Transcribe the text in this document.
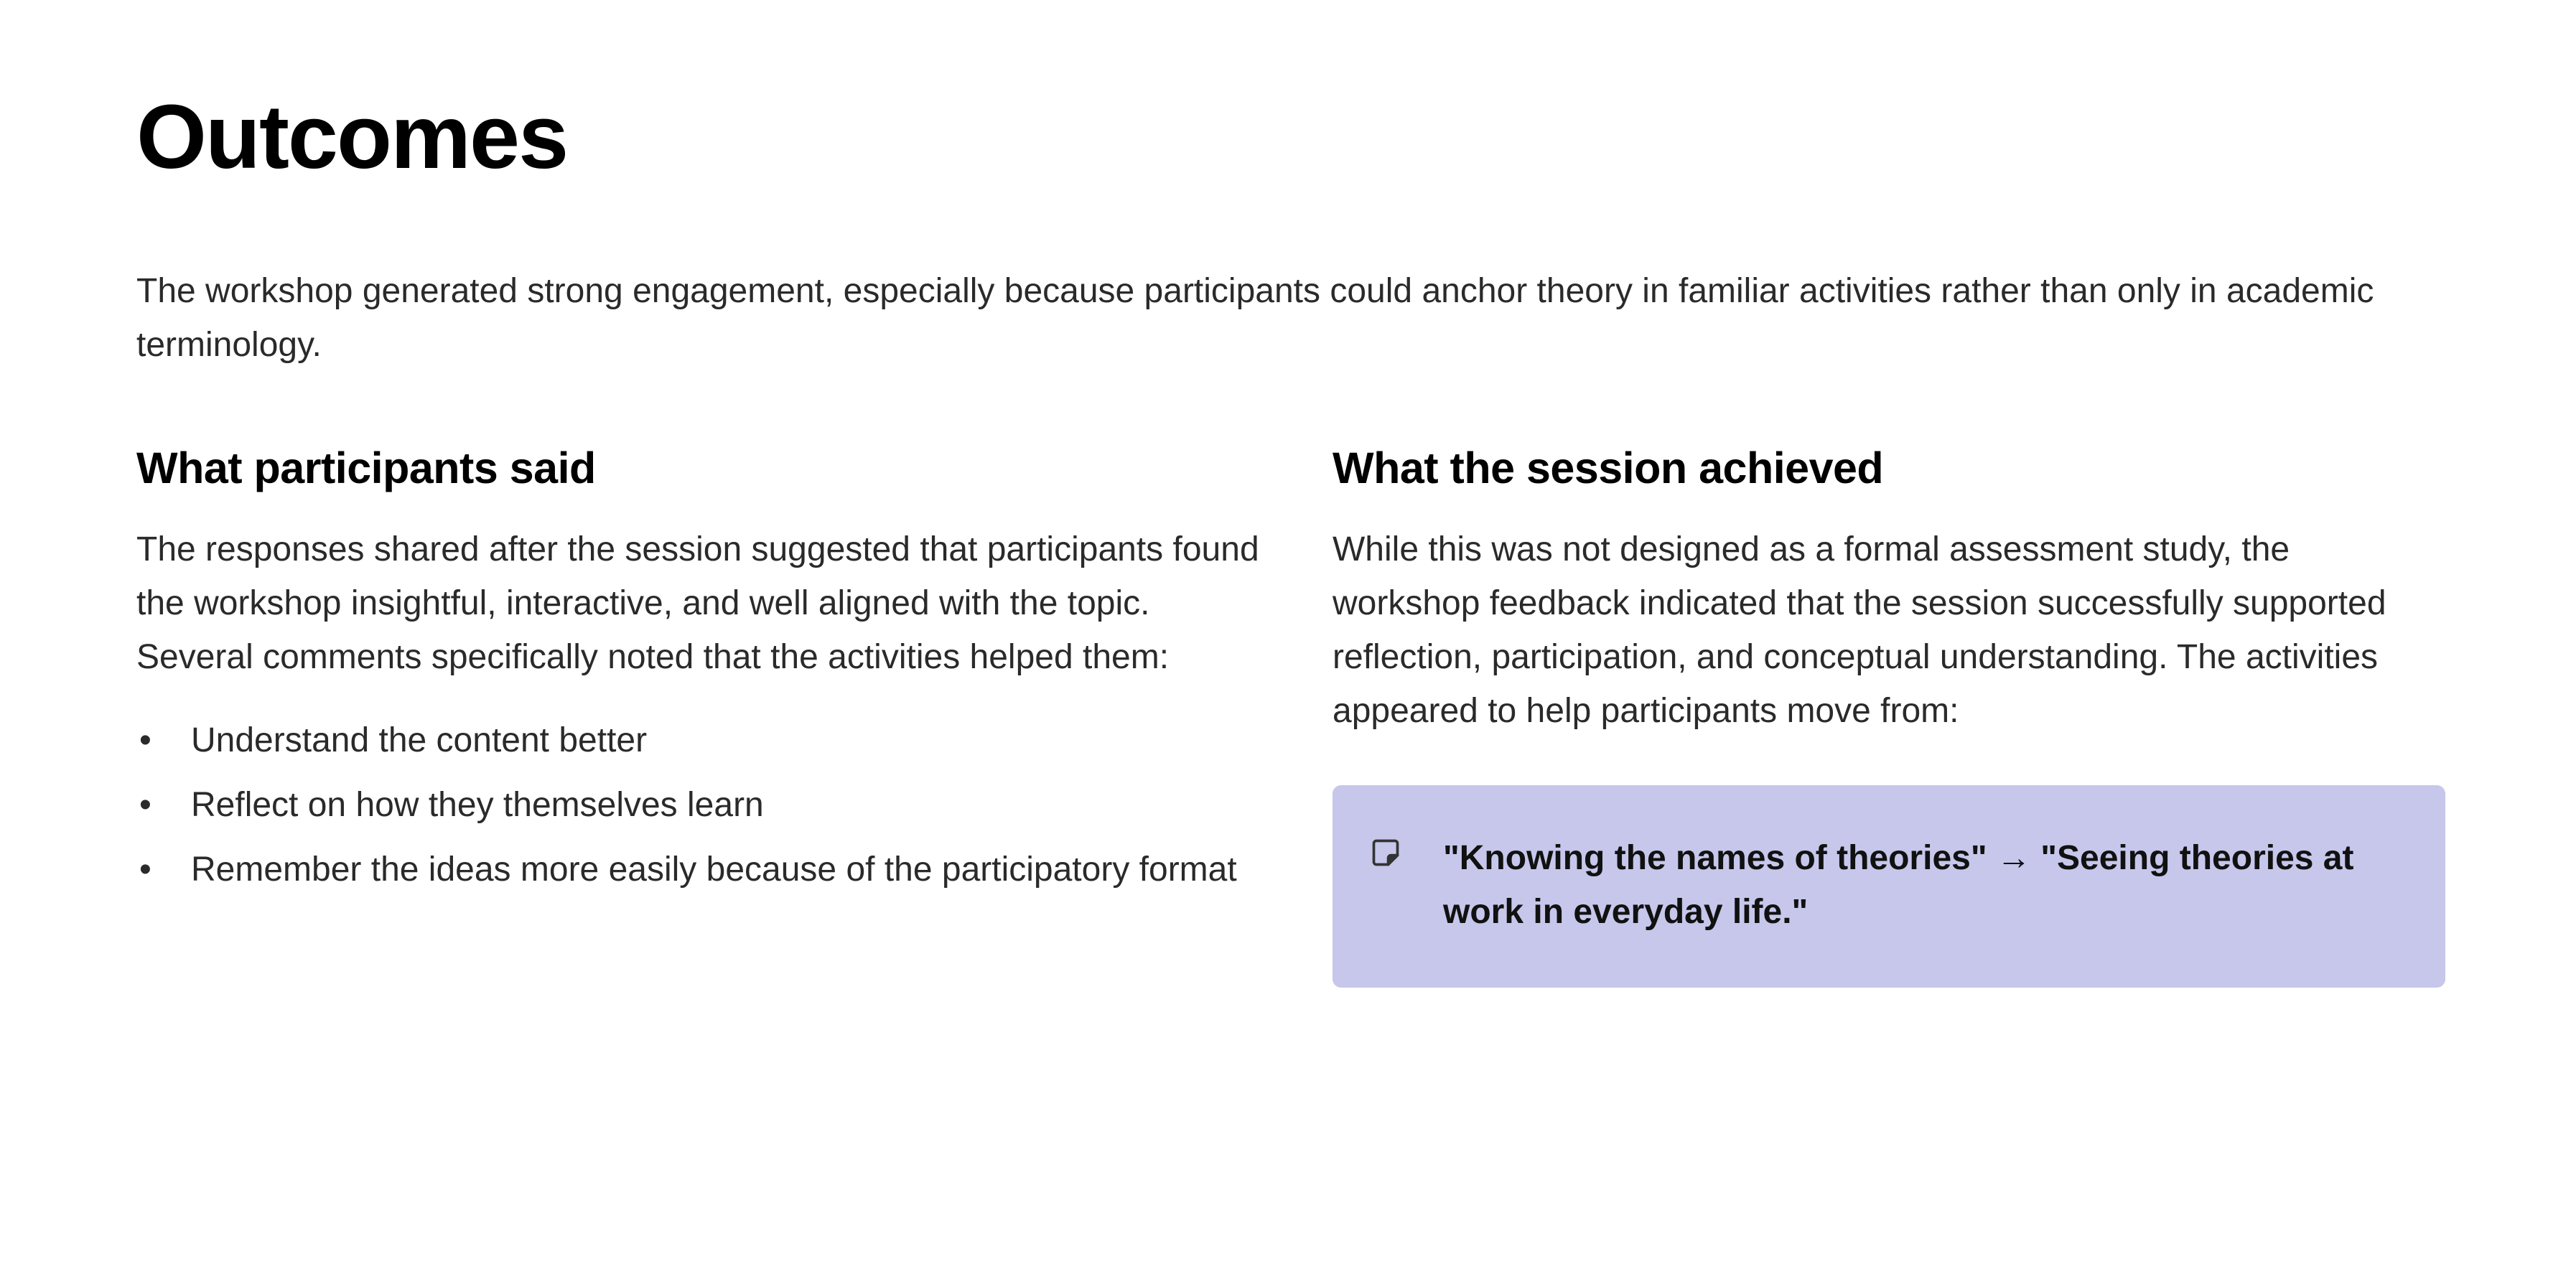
Outcomes

The workshop generated strong engagement, especially because participants could anchor theory in familiar activities rather than only in academic terminology.

What participants said

The responses shared after the session suggested that participants found the workshop insightful, interactive, and well aligned with the topic. Several comments specifically noted that the activities helped them:

• Understand the content better
• Reflect on how they themselves learn
• Remember the ideas more easily because of the participatory format
What the session achieved

While this was not designed as a formal assessment study, the workshop feedback indicated that the session successfully supported reflection, participation, and conceptual understanding. The activities appeared to help participants move from:

"Knowing the names of theories" → "Seeing theories at work in everyday life."
